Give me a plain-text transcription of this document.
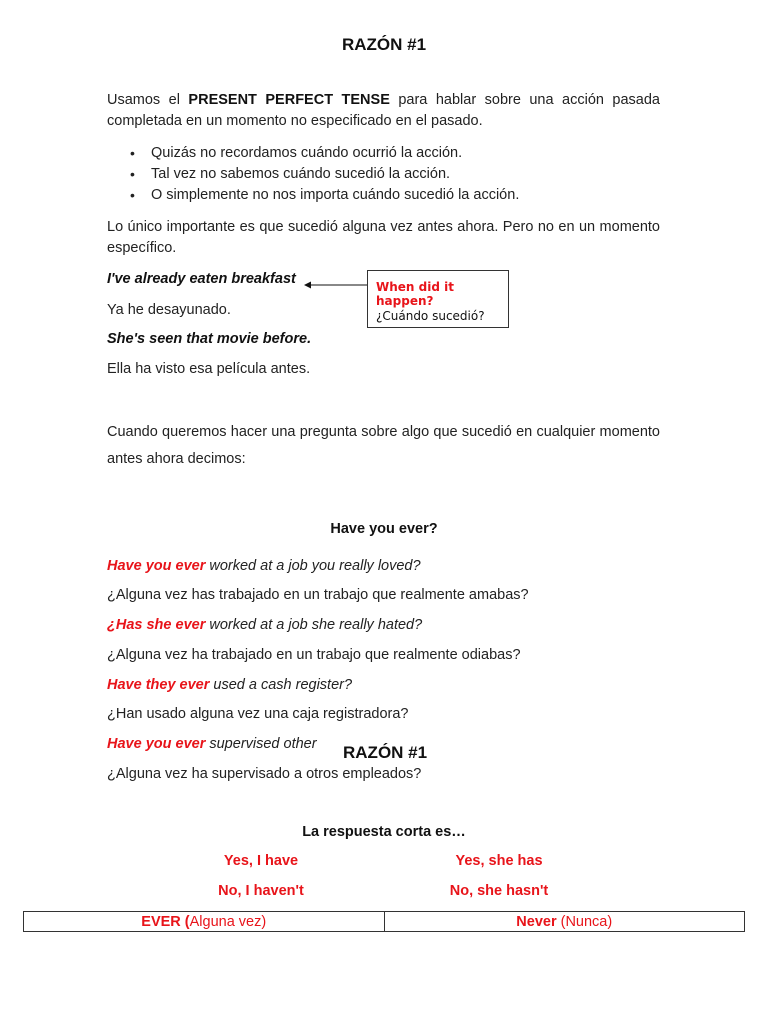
RAZÓN #1
Usamos el PRESENT PERFECT TENSE para hablar sobre una acción pasada completada en un momento no especificado en el pasado.
• Quizás no recordamos cuándo ocurrió la acción.
• Tal vez no sabemos cuándo sucedió la acción.
• O simplemente no nos importa cuándo sucedió la acción.
Lo único importante es que sucedió alguna vez antes ahora. Pero no en un momento específico.
I've already eaten breakfast
Ya he desayunado.
She's seen that movie before.
Ella ha visto esa película antes.
When did it happen?
¿Cuándo sucedió?
Cuando queremos hacer una pregunta sobre algo que sucedió en cualquier momento antes ahora decimos:
Have you ever?
Have you ever worked at a job you really loved?
¿Alguna vez has trabajado en un trabajo que realmente amabas?
¿Has she ever worked at a job she really hated?
¿Alguna vez ha trabajado en un trabajo que realmente odiabas?
Have they ever used a cash register?
¿Han usado alguna vez una caja registradora?
Have you ever supervised other
¿Alguna vez ha supervisado a otros empleados?
RAZÓN #1
La respuesta corta es…
Yes, I have	Yes, she has
No, I haven't	No, she hasn't
EVER (Alguna vez)	Never (Nunca)
